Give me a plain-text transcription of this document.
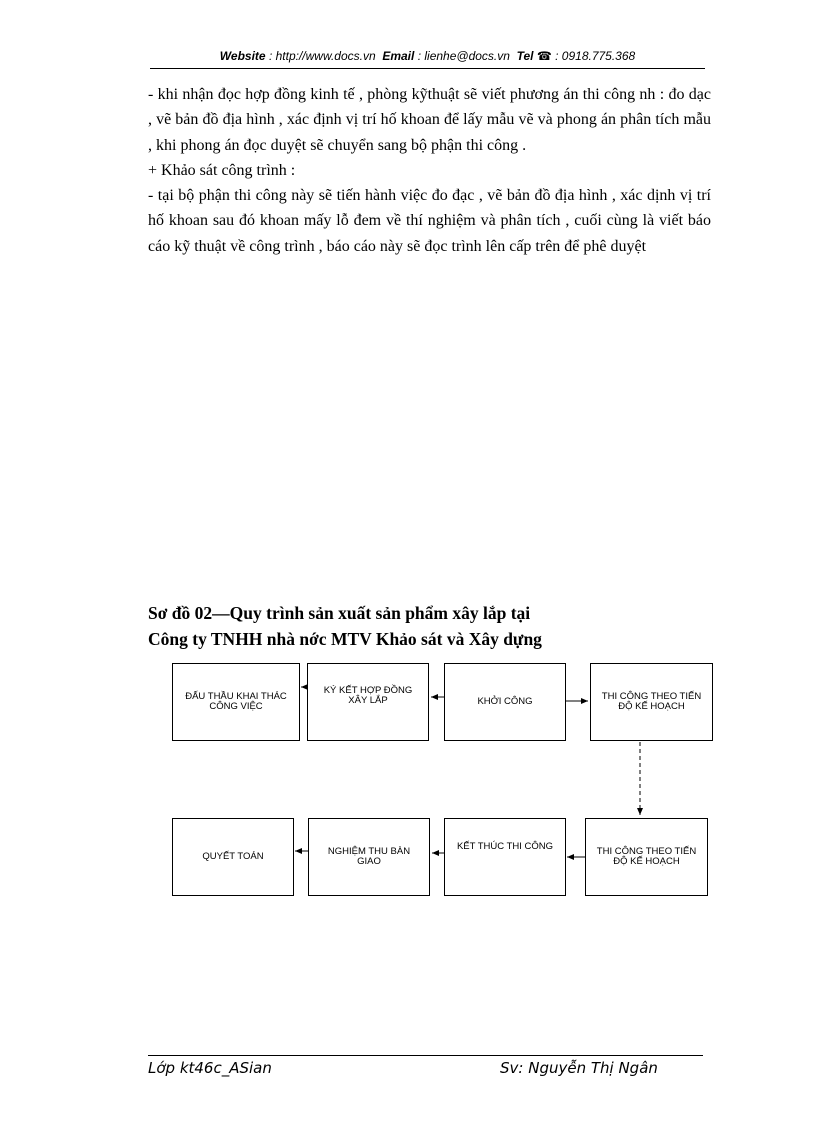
Website : http://www.docs.vn Email : lienhe@docs.vn Tel ☎ : 0918.775.368

- khi nhận đọc hợp đồng kinh tế , phòng kỹthuật sẽ viết phương án thi công nh : đo dạc , vẽ bản đồ địa hình , xác định vị trí hố khoan để lấy mẫu vẽ và phong án phân tích mẫu , khi phong án đọc duyệt sẽ chuyển sang bộ phận thi công .

+ Khảo sát công trình :

- tại bộ phận thi công này sẽ tiến hành việc đo đạc , vẽ bản đồ địa hình , xác dịnh vị trí hố khoan sau đó khoan mấy lỗ đem về thí nghiệm và phân tích , cuối cùng là viết báo cáo kỹ thuật về công trình , báo cáo này sẽ đọc trình lên cấp trên để phê duyệt

Sơ đồ 02—Quy trình sản xuất sản phẩm xây lắp tại
Công ty TNHH nhà nớc MTV Khảo sát và Xây dựng
ĐẤU THẦU KHAI THÁC CÔNG VIỆC
KÝ KẾT HỢP ĐỒNG XÂY LẮP	KHỞI CÔNG	THI CÔNG THEO TIẾN ĐỘ KẾ HOẠCH
QUYẾT TOÁN	NGHIỆM THU BÀN GIAO
KẾT THÚC THI CÔNG	THI CÔNG THEO TIẾN ĐỘ KẾ HOẠCH
Lớp kt46c_ASian	Sv: Nguyễn Thị Ngân
